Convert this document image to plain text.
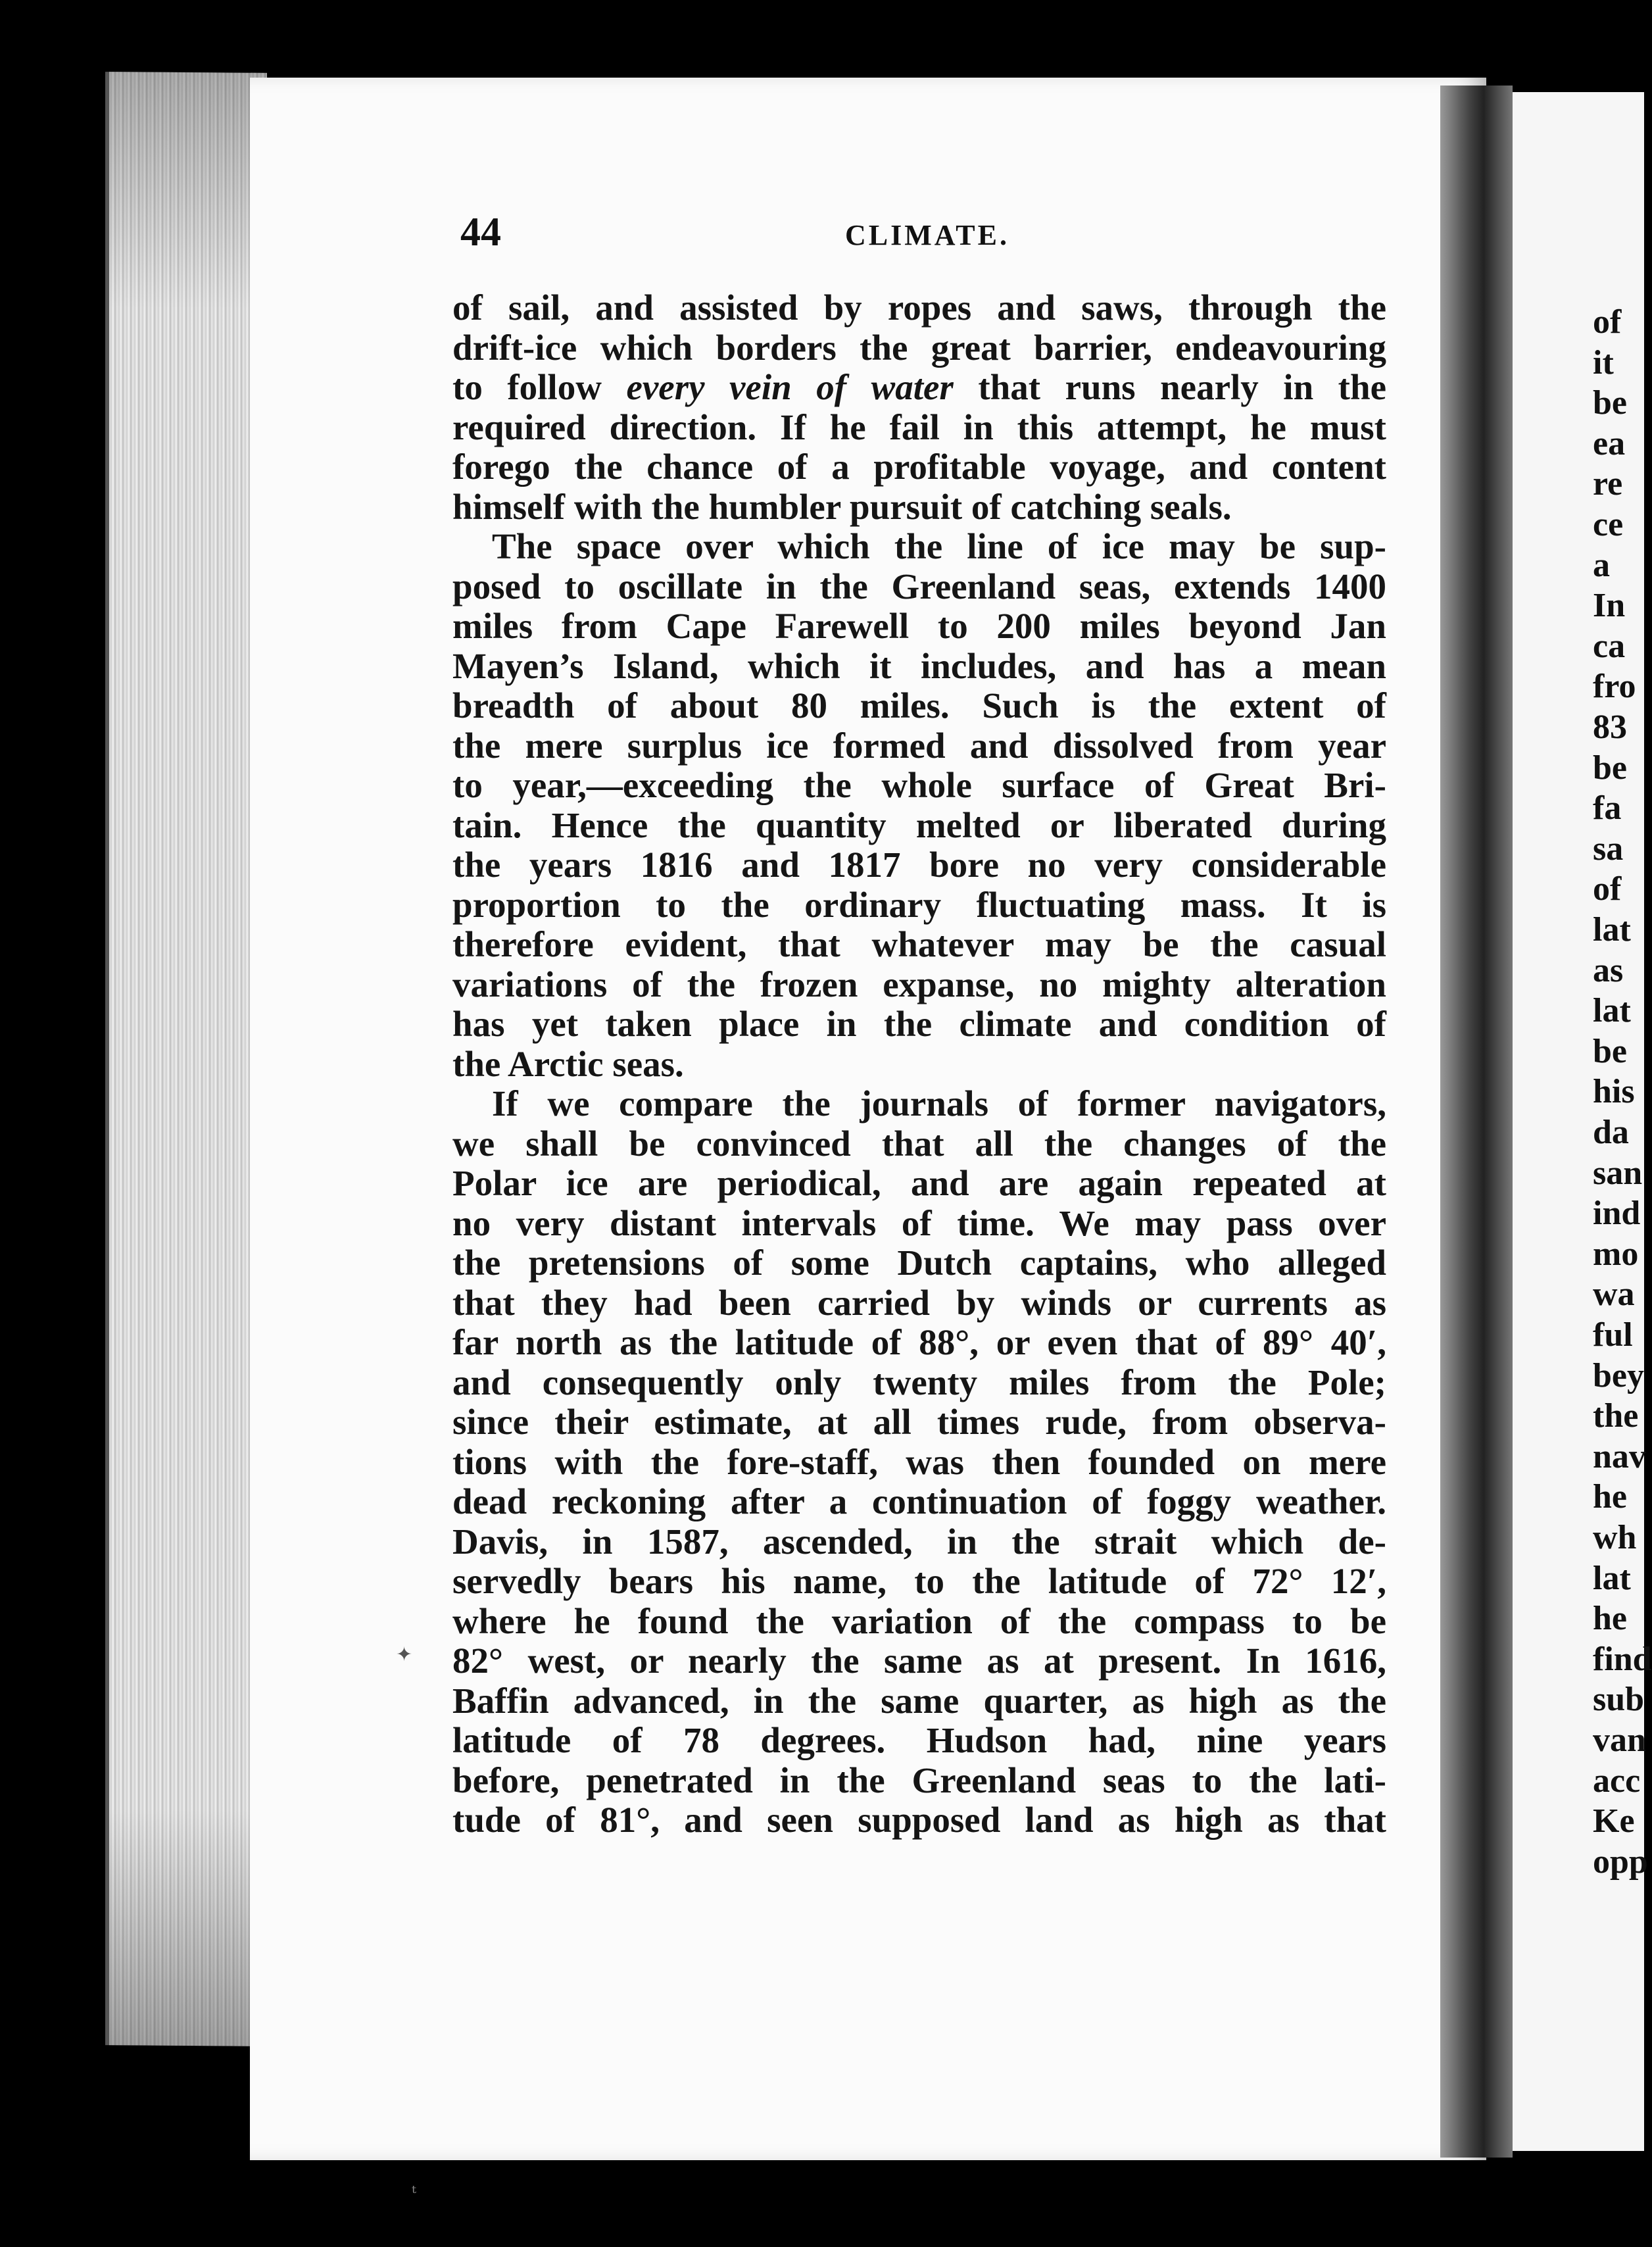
of
it
be
ea
re
ce
a
In
ca
fro
83
be
fa
sa
of
lat
as
lat
be
his
da
san
ind
mo
wa
ful
bey
the
nav
he
wh
lat
he
find
sub
van
acc
Ke
opp
44	CLIMATE.
of sail, and assisted by ropes and saws, through the
drift-ice which borders the great barrier, endeavouring
to follow every vein of water that runs nearly in the
required direction. If he fail in this attempt, he must
forego the chance of a profitable voyage, and content
himself with the humbler pursuit of catching seals.
The space over which the line of ice may be sup-
posed to oscillate in the Greenland seas, extends 1400
miles from Cape Farewell to 200 miles beyond Jan
Mayen’s Island, which it includes, and has a mean
breadth of about 80 miles. Such is the extent of
the mere surplus ice formed and dissolved from year
to year,—exceeding the whole surface of Great Bri-
tain. Hence the quantity melted or liberated during
the years 1816 and 1817 bore no very considerable
proportion to the ordinary fluctuating mass. It is
therefore evident, that whatever may be the casual
variations of the frozen expanse, no mighty alteration
has yet taken place in the climate and condition of
the Arctic seas.
If we compare the journals of former navigators,
we shall be convinced that all the changes of the
Polar ice are periodical, and are again repeated at
no very distant intervals of time. We may pass over
the pretensions of some Dutch captains, who alleged
that they had been carried by winds or currents as
far north as the latitude of 88°, or even that of 89° 40′,
and consequently only twenty miles from the Pole;
since their estimate, at all times rude, from observa-
tions with the fore-staff, was then founded on mere
dead reckoning after a continuation of foggy weather.
Davis, in 1587, ascended, in the strait which de-
servedly bears his name, to the latitude of 72° 12′,
where he found the variation of the compass to be
82° west, or nearly the same as at present. In 1616,
Baffin advanced, in the same quarter, as high as the
latitude of 78 degrees. Hudson had, nine years
before, penetrated in the Greenland seas to the lati-
tude of 81°, and seen supposed land as high as that
✦
ₜ
